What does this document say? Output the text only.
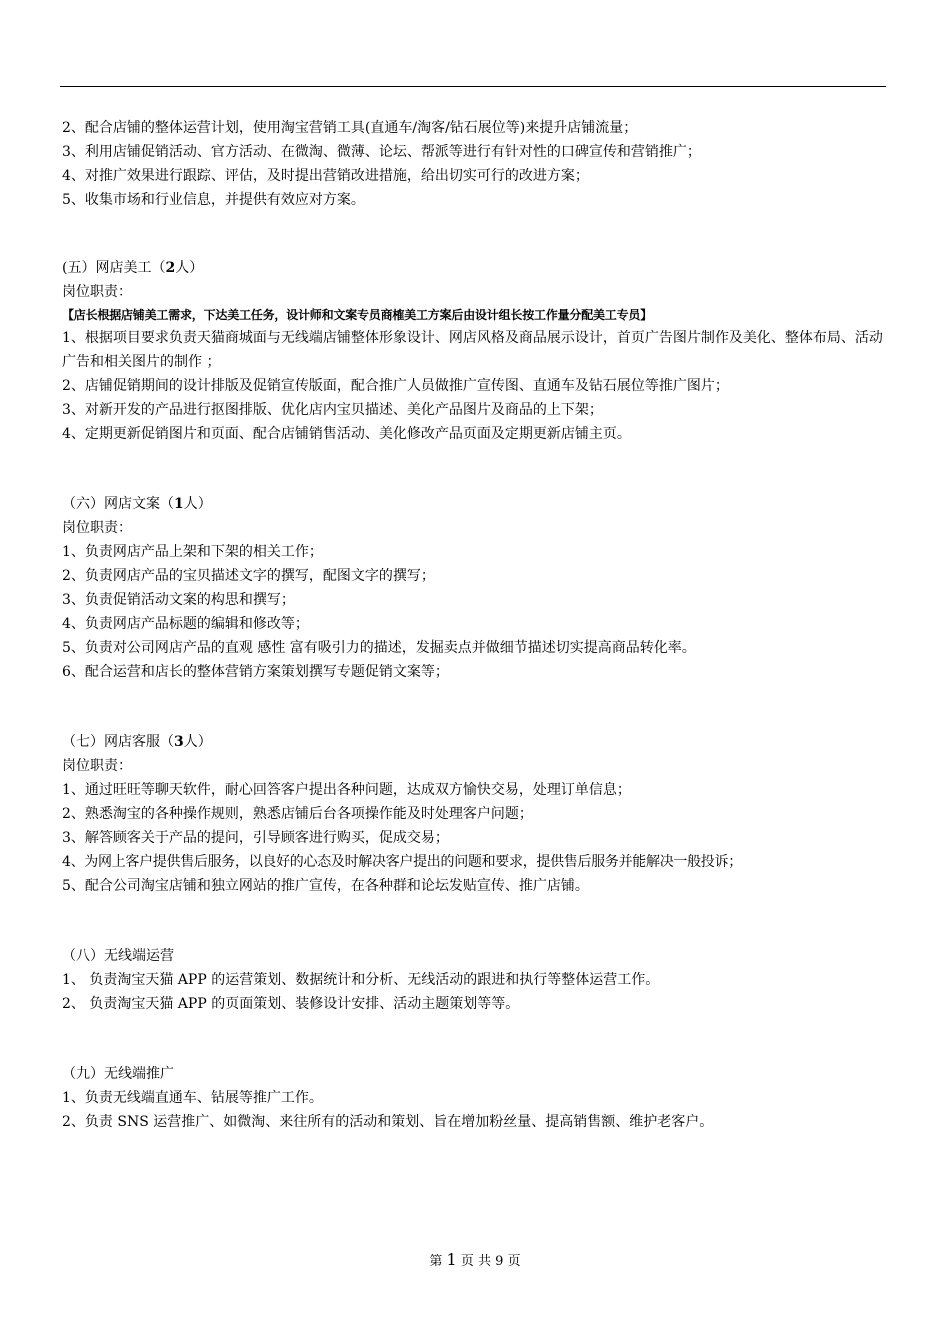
2、配合店铺的整体运营计划，使用淘宝营销工具(直通车/淘客/钻石展位等)来提升店铺流量；
3、利用店铺促销活动、官方活动、在微淘、微薄、论坛、帮派等进行有针对性的口碑宣传和营销推广；
4、对推广效果进行跟踪、评估，及时提出营销改进措施，给出切实可行的改进方案；
5、收集市场和行业信息，并提供有效应对方案。
(五）网店美工（2人）
岗位职责：
【店长根据店铺美工需求，下达美工任务，设计师和文案专员商榷美工方案后由设计组长按工作量分配美工专员】
1、根据项目要求负责天猫商城面与无线端店铺整体形象设计、网店风格及商品展示设计，首页广告图片制作及美化、整体布局、活动广告和相关图片的制作 ；
2、店铺促销期间的设计排版及促销宣传版面，配合推广人员做推广宣传图、直通车及钻石展位等推广图片；
3、对新开发的产品进行抠图排版、优化店内宝贝描述、美化产品图片及商品的上下架；
4、定期更新促销图片和页面、配合店铺销售活动、美化修改产品页面及定期更新店铺主页。
（六）网店文案（1人）
岗位职责：
1、负责网店产品上架和下架的相关工作；
2、负责网店产品的宝贝描述文字的撰写，配图文字的撰写；
3、负责促销活动文案的构思和撰写；
4、负责网店产品标题的编辑和修改等；
5、负责对公司网店产品的直观 感性 富有吸引力的描述，发掘卖点并做细节描述切实提高商品转化率。
6、配合运营和店长的整体营销方案策划撰写专题促销文案等；
（七）网店客服（3人）
岗位职责：
1、通过旺旺等聊天软件，耐心回答客户提出各种问题，达成双方愉快交易，处理订单信息；
2、熟悉淘宝的各种操作规则，熟悉店铺后台各项操作能及时处理客户问题；
3、解答顾客关于产品的提问，引导顾客进行购买，促成交易；
4、为网上客户提供售后服务，以良好的心态及时解决客户提出的问题和要求，提供售后服务并能解决一般投诉；
5、配合公司淘宝店铺和独立网站的推广宣传，在各种群和论坛发贴宣传、推广店铺。
（八）无线端运营
1、 负责淘宝天猫 APP 的运营策划、数据统计和分析、无线活动的跟进和执行等整体运营工作。
2、 负责淘宝天猫 APP 的页面策划、装修设计安排、活动主题策划等等。
（九）无线端推广
1、负责无线端直通车、钻展等推广工作。
2、负责 SNS 运营推广、如微淘、来往所有的活动和策划、旨在增加粉丝量、提高销售额、维护老客户。
第 1 页 共 9 页
